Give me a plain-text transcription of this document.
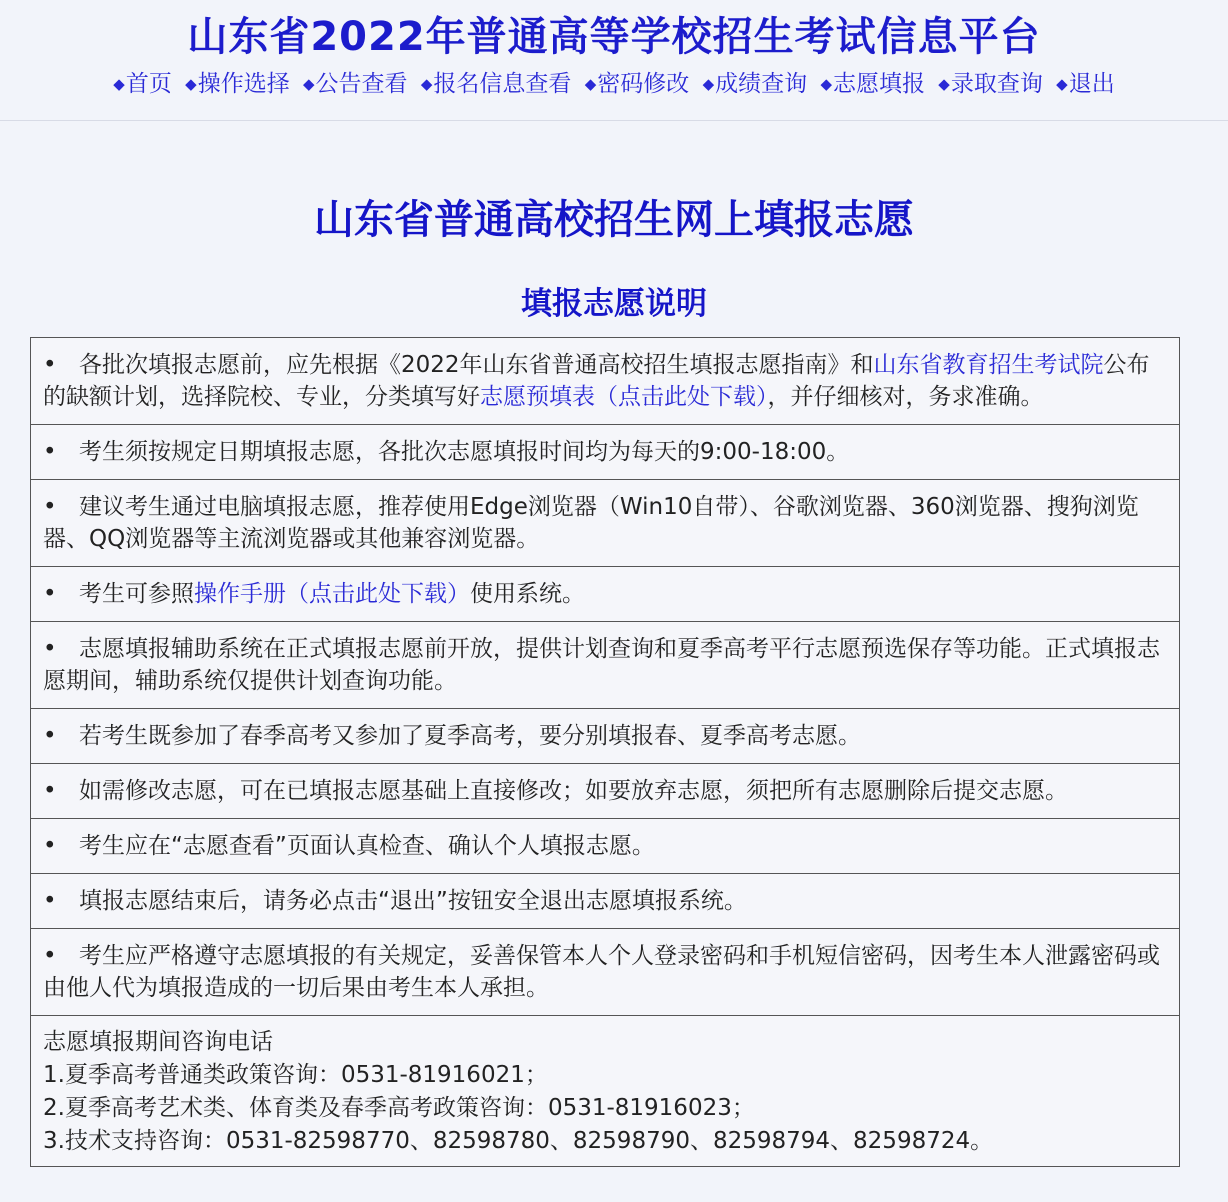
山东省2022年普通高等学校招生考试信息平台
◆首页 ◆操作选择 ◆公告查看 ◆报名信息查看 ◆密码修改 ◆成绩查询 ◆志愿填报 ◆录取查询 ◆退出
山东省普通高校招生网上填报志愿
填报志愿说明
• 各批次填报志愿前，应先根据《2022年山东省普通高校招生填报志愿指南》和山东省教育招生考试院公布的缺额计划，选择院校、专业，分类填写好志愿预填表（点击此处下载），并仔细核对，务求准确。
• 考生须按规定日期填报志愿，各批次志愿填报时间均为每天的9:00-18:00。
• 建议考生通过电脑填报志愿，推荐使用Edge浏览器（Win10自带）、谷歌浏览器、360浏览器、搜狗浏览器、QQ浏览器等主流浏览器或其他兼容浏览器。
• 考生可参照操作手册（点击此处下载）使用系统。
• 志愿填报辅助系统在正式填报志愿前开放，提供计划查询和夏季高考平行志愿预选保存等功能。正式填报志愿期间，辅助系统仅提供计划查询功能。
• 若考生既参加了春季高考又参加了夏季高考，要分别填报春、夏季高考志愿。
• 如需修改志愿，可在已填报志愿基础上直接修改；如要放弃志愿，须把所有志愿删除后提交志愿。
• 考生应在“志愿查看”页面认真检查、确认个人填报志愿。
• 填报志愿结束后，请务必点击“退出”按钮安全退出志愿填报系统。
• 考生应严格遵守志愿填报的有关规定，妥善保管本人个人登录密码和手机短信密码，因考生本人泄露密码或由他人代为填报造成的一切后果由考生本人承担。
志愿填报期间咨询电话
1.夏季高考普通类政策咨询：0531-81916021；
2.夏季高考艺术类、体育类及春季高考政策咨询：0531-81916023；
3.技术支持咨询：0531-82598770、82598780、82598790、82598794、82598724。
